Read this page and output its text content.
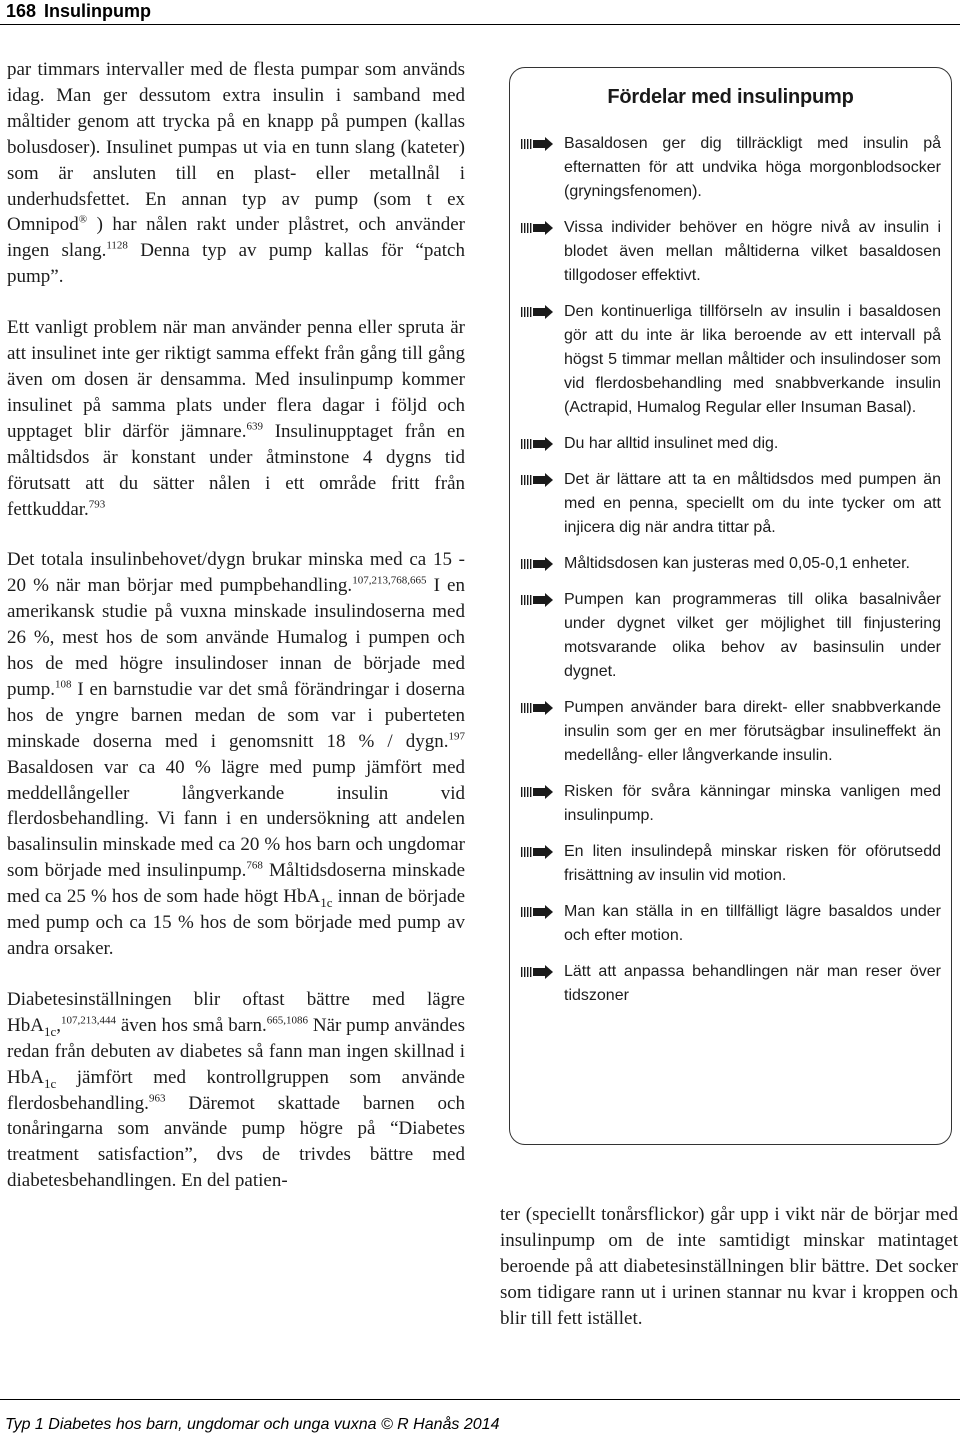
168 Insulinpump

par timmars intervaller med de flesta pumpar som används idag. Man ger dessutom extra insulin i samband med måltider genom att trycka på en knapp på pumpen (kallas bolusdoser). Insulinet pumpas ut via en tunn slang (kateter) som är ansluten till en plast- eller metallnål i underhudsfettet. En annan typ av pump (som t ex Omnipod® ) har nålen rakt under plåstret, och använder ingen slang.$^{1128}$ Denna typ av pump kallas för “patch pump”.

Ett vanligt problem när man använder penna eller spruta är att insulinet inte ger riktigt samma effekt från gång till gång även om dosen är densamma. Med insulinpump kommer insulinet på samma plats under flera dagar i följd och upptaget blir därför jämnare.$^{639}$ Insulinupptaget från en måltidsdos är konstant under åtminstone 4 dygns tid förutsatt att du sätter nålen i ett område fritt från fettkuddar.$^{793}$

Det totala insulinbehovet/dygn brukar minska med ca 15 - 20 % när man börjar med pumpbehandling.$^{107,213,768,665}$ I en amerikansk studie på vuxna minskade insulindoserna med 26 %, mest hos de som använde Humalog i pumpen och hos de med högre insulindoser innan de började med pump.$^{108}$ I en barnstudie var det små förändringar i doserna hos de yngre barnen medan de som var i puberteten minskade doserna med i genomsnitt 18 % / dygn.$^{197}$ Basaldosen var ca 40 % lägre med pump jämfört med meddellångeller långverkande insulin vid flerdosbehandling. Vi fann i en undersökning att andelen basalinsulin minskade med ca 20 % hos barn och ungdomar som började med insulinpump.$^{768}$ Måltidsdoserna minskade med ca 25 % hos de som hade högt HbA$_{1c}$ innan de började med pump och ca 15 % hos de som började med pump av andra orsaker.

Diabetesinställningen blir oftast bättre med lägre HbA$_{1c}$,$^{107,213,444}$ även hos små barn.$^{665,1086}$ När pump användes redan från debuten av diabetes så fann man ingen skillnad i HbA$_{1c}$ jämfört med kontrollgruppen som använde flerdosbehandling.$^{963}$ Däremot skattade barnen och tonåringarna som använde pump högre på “Diabetes treatment satisfaction”, dvs de trivdes bättre med diabetesbehandlingen. En del patien-

Fördelar med insulinpump
Basaldosen ger dig tillräckligt med insulin på efternatten för att undvika höga morgonblodsocker (gryningsfenomen).
Vissa individer behöver en högre nivå av insulin i blodet även mellan måltiderna vilket basaldosen tillgodoser effektivt.
Den kontinuerliga tillförseln av insulin i basaldosen gör att du inte är lika beroende av ett intervall på högst 5 timmar mellan måltider och insulindoser som vid flerdosbehandling med snabbverkande insulin (Actrapid, Humalog Regular eller Insuman Basal).
Du har alltid insulinet med dig.
Det är lättare att ta en måltidsdos med pumpen än med en penna, speciellt om du inte tycker om att injicera dig när andra tittar på.
Måltidsdosen kan justeras med 0,05-0,1 enheter.
Pumpen kan programmeras till olika basalnivåer under dygnet vilket ger möjlighet till finjustering motsvarande olika behov av basinsulin under dygnet.
Pumpen använder bara direkt- eller snabbverkande insulin som ger en mer förutsägbar insulineffekt än medellång- eller långverkande insulin.
Risken för svåra känningar minska vanligen med insulinpump.
En liten insulindepå minskar risken för oförutsedd frisättning av insulin vid motion.
Man kan ställa in en tillfälligt lägre basaldos under och efter motion.
Lätt att anpassa behandlingen när man reser över tidszoner

ter (speciellt tonårsflickor) går upp i vikt när de börjar med insulinpump om de inte samtidigt minskar matintaget beroende på att diabetesinställningen blir bättre. Det socker som tidigare rann ut i urinen stannar nu kvar i kroppen och blir till fett istället.

Typ 1 Diabetes hos barn, ungdomar och unga vuxna © R Hanås 2014
